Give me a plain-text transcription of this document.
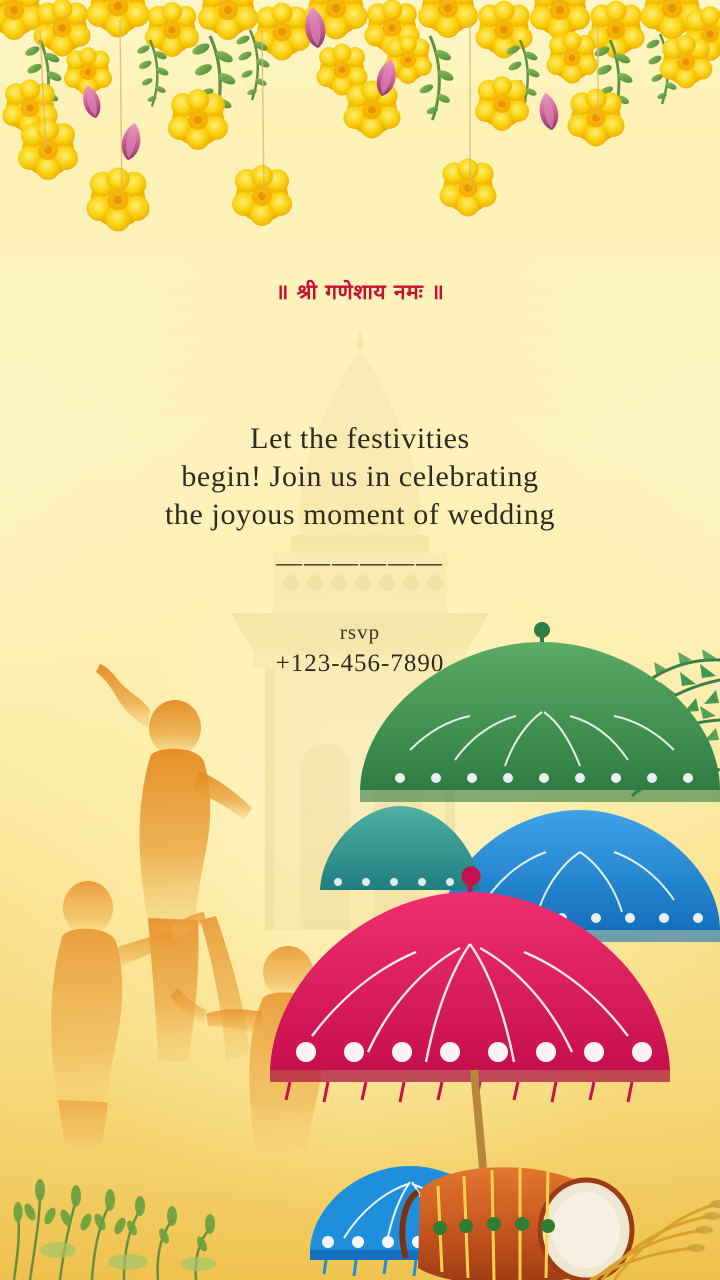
॥ श्री गणेशाय नमः ॥
Let the festivities
begin! Join us in celebrating
the joyous moment of wedding
——————
rsvp
+123-456-7890
